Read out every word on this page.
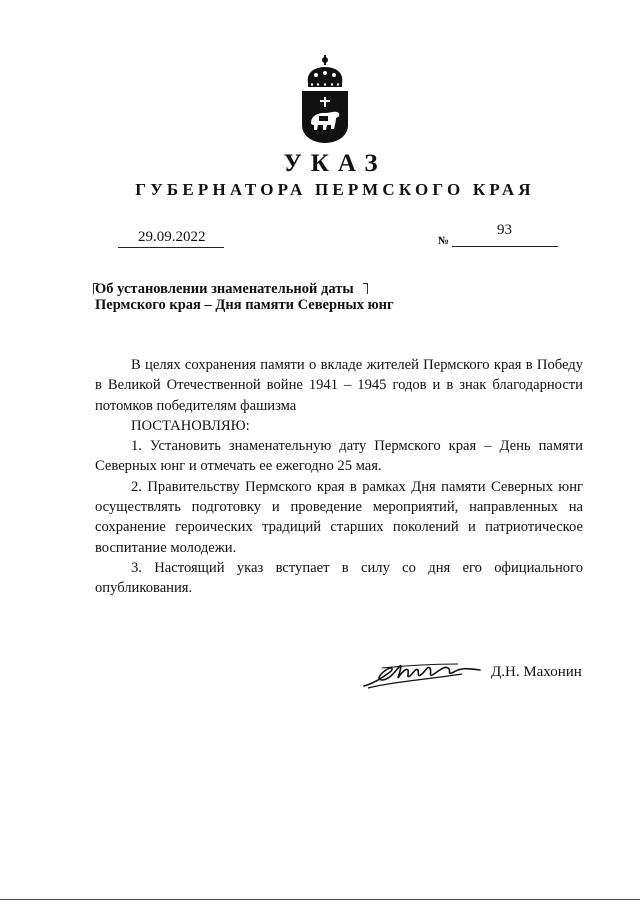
УКАЗ
ГУБЕРНАТОРА ПЕРМСКОГО КРАЯ
29.09.2022	№
93
Об установлении знаменательной даты
Пермского края – Дня памяти Северных юнг

В целях сохранения памяти о вкладе жителей Пермского края в Победу в Великой Отечественной войне 1941 – 1945 годов и в знак благодарности потомков победителям фашизма

ПОСТАНОВЛЯЮ:

1. Установить знаменательную дату Пермского края – День памяти Северных юнг и отмечать ее ежегодно 25 мая.

2. Правительству Пермского края в рамках Дня памяти Северных юнг осуществлять подготовку и проведение мероприятий, направленных на сохранение героических традиций старших поколений и патриотическое воспитание молодежи.

3. Настоящий указ вступает в силу со дня его официального опубликования.

Д.Н. Махонин
